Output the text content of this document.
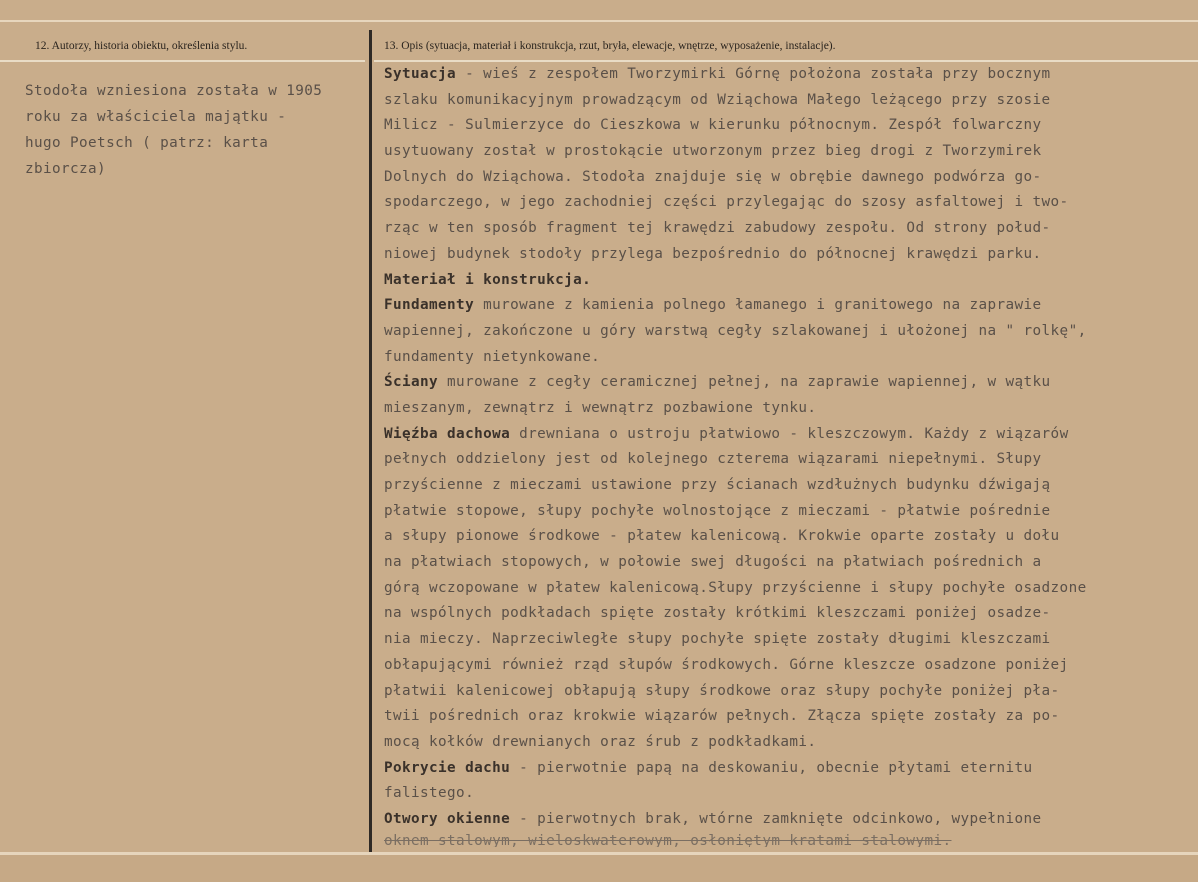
12. Autorzy, historia obiektu, określenia stylu.	13. Opis (sytuacja, materiał i konstrukcja, rzut, bryła, elewacje, wnętrze, wyposażenie, instalacje).
Stodoła wzniesiona została w 1905
roku za właściciela majątku -
hugo Poetsch ( patrz: karta
zbiorcza)
Sytuacja - wieś z zespołem Tworzymirki Górnę położona została przy bocznym
szlaku komunikacyjnym prowadzącym od Wziąchowa Małego leżącego przy szosie
Milicz - Sulmierzyce do Cieszkowa w kierunku północnym. Zespół folwarczny
usytuowany został w prostokącie utworzonym przez bieg drogi z Tworzymirek
Dolnych do Wziąchowa. Stodoła znajduje się w obrębie dawnego podwórza go-
spodarczego, w jego zachodniej części przylegając do szosy asfaltowej i two-
rząc w ten sposób fragment tej krawędzi zabudowy zespołu. Od strony połud-
niowej budynek stodoły przylega bezpośrednio do północnej krawędzi parku.
Materiał i konstrukcja.
Fundamenty murowane z kamienia polnego łamanego i granitowego na zaprawie
wapiennej, zakończone u góry warstwą cegły szlakowanej i ułożonej na " rolkę",
fundamenty nietynkowane.
Ściany murowane z cegły ceramicznej pełnej, na zaprawie wapiennej, w wątku
mieszanym, zewnątrz i wewnątrz pozbawione tynku.
Więźba dachowa drewniana o ustroju płatwiowo - kleszczowym. Każdy z wiązarów
pełnych oddzielony jest od kolejnego czterema wiązarami niepełnymi. Słupy
przyścienne z mieczami ustawione przy ścianach wzdłużnych budynku dźwigają
płatwie stopowe, słupy pochyłe wolnostojące z mieczami - płatwie pośrednie
a słupy pionowe środkowe - płatew kalenicową. Krokwie oparte zostały u dołu
na płatwiach stopowych, w połowie swej długości na płatwiach pośrednich a
górą wczopowane w płatew kalenicową.Słupy przyścienne i słupy pochyłe osadzone
na wspólnych podkładach spięte zostały krótkimi kleszczami poniżej osadze-
nia mieczy. Naprzeciwległe słupy pochyłe spięte zostały długimi kleszczami
obłapującymi również rząd słupów środkowych. Górne kleszcze osadzone poniżej
płatwii kalenicowej obłapują słupy środkowe oraz słupy pochyłe poniżej pła-
twii pośrednich oraz krokwie wiązarów pełnych. Złącza spięte zostały za po-
mocą kołków drewnianych oraz śrub z podkładkami.
Pokrycie dachu - pierwotnie papą na deskowaniu, obecnie płytami eternitu
falistego.
Otwory okienne - pierwotnych brak, wtórne zamknięte odcinkowo, wypełnione
oknem stalowym, wieloskwaterowym, osłoniętym kratami stalowymi.
